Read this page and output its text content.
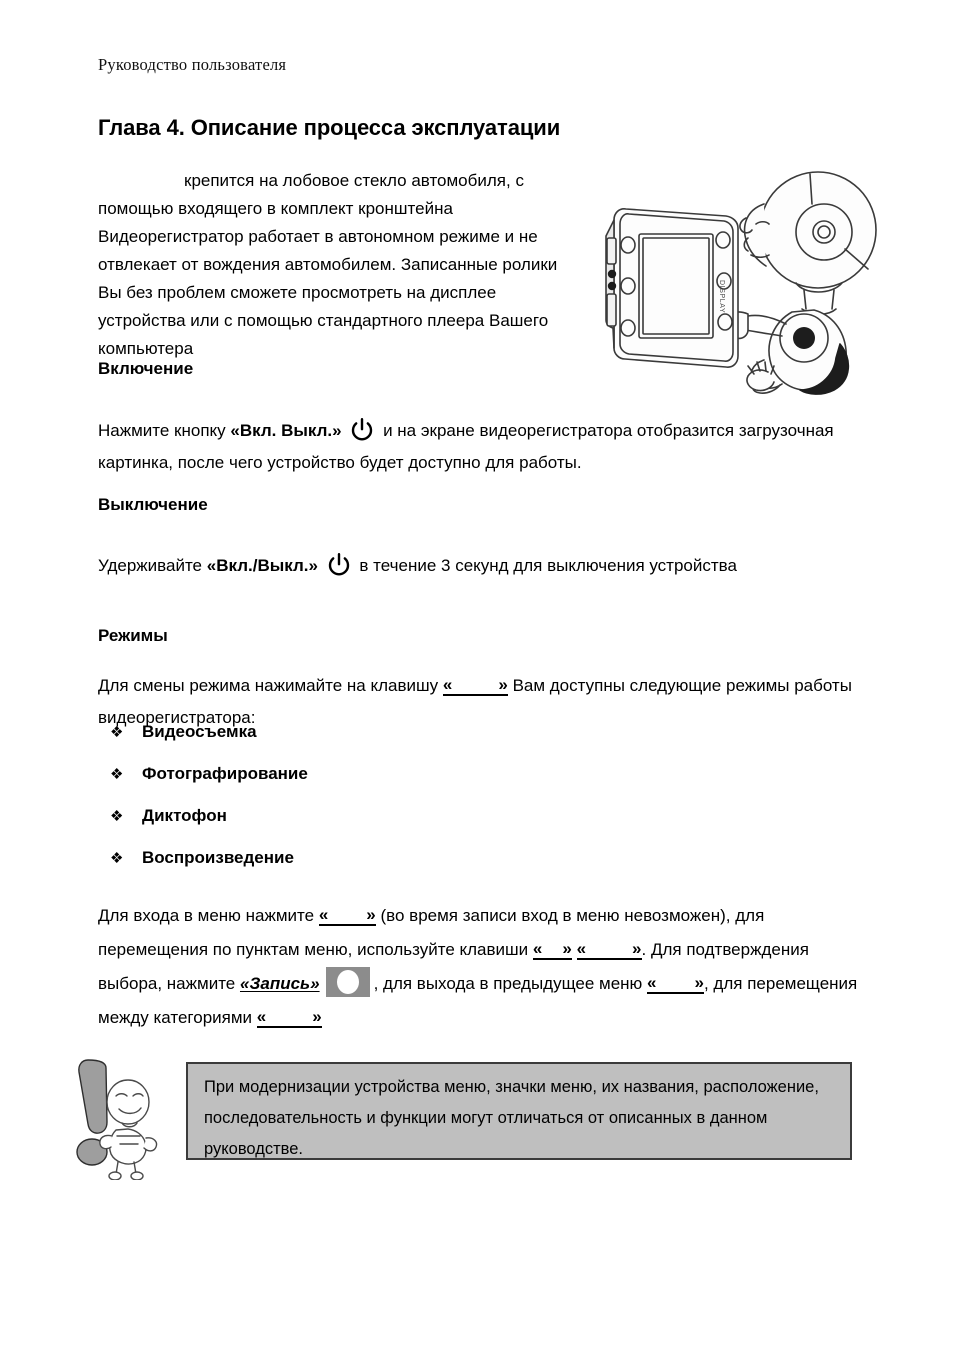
Руководство пользователя
Глава 4. Описание процесса эксплуатации

крепится на лобовое стекло автомобиля, с помощью входящего в комплект кронштейна Видеорегистратор работает в автономном режиме и не отвлекает от вождения автомобилем. Записанные ролики Вы без проблем сможете просмотреть на дисплее устройства или с помощью стандартного плеера Вашего компьютера

DISPLAY
Включение

Нажмите кнопку «Вкл. Выкл.» и на экране видеорегистратора отобразится загрузочная картинка, после чего устройство будет доступно для работы.

Выключение

Удерживайте «Вкл./Выкл.» в течение 3 секунд для выключения устройства

Режимы

Для смены режима нажимайте на клавишу «	» Вам доступны следующие режимы работы видеорегистратора:

❖	Видеосъемка
❖	Фотографирование
❖	Диктофон
❖	Воспроизведение

Для входа в меню нажмите « » (во время записи вход в меню невозможен), для перемещения по пунктам меню, используйте клавиши « » «	». Для подтверждения выбора, нажмите «Запись»	, для выхода в предыдущее меню « », для перемещения между категориями «	»

При модернизации устройства меню, значки меню, их названия, расположение, последовательность и функции могут отличаться от описанных в данном руководстве.
